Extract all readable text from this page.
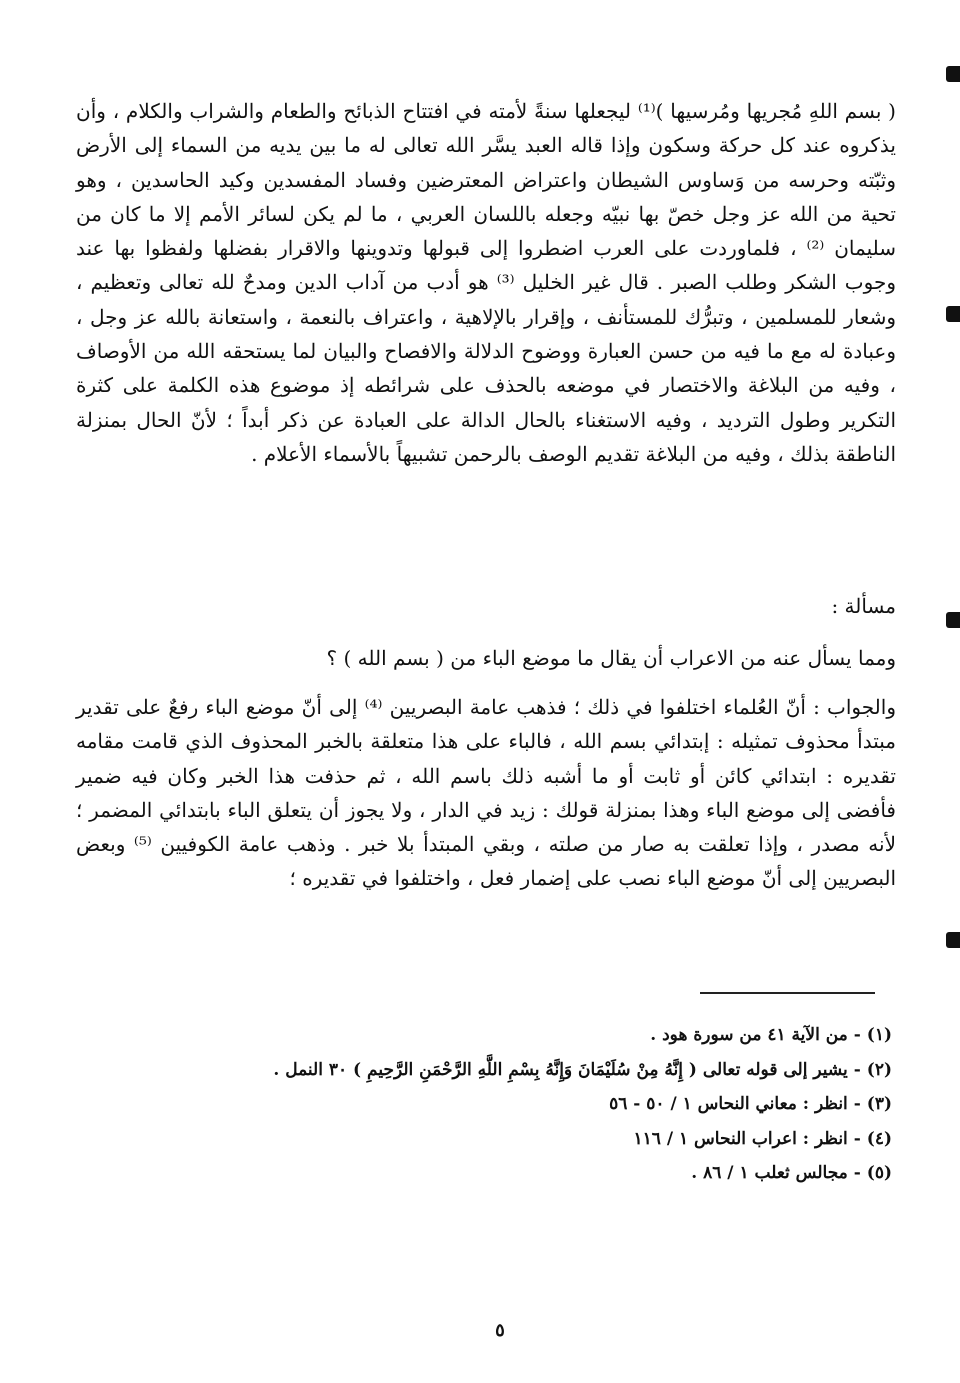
( بسم اللهِ مُجريها ومُرسيها )⁽¹⁾ ليجعلها سنةً لأمته في افتتاح الذبائح والطعام والشراب والكلام ، وأن يذكروه عند كل حركة وسكون وإذا قاله العبد يسَّر الله تعالى له ما بين يديه من السماء إلى الأرض وثبّته وحرسه من وَساوس الشيطان واعتراض المعترضين وفساد المفسدين وكيد الحاسدين ، وهو تحية من الله عز وجل خصّ بها نبيّه وجعله باللسان العربي ، ما لم يكن لسائر الأمم إلا ما كان من سليمان ⁽²⁾ ، فلماوردت على العرب اضطروا إلى قبولها وتدوينها والاقرار بفضلها ولفظوا بها عند وجوب الشكر وطلب الصبر . قال غير الخليل ⁽³⁾ هو أدب من آداب الدين ومدحٌ لله تعالى وتعظيم ، وشعار للمسلمين ، وتبرُّك للمستأنف ، وإقرار بالإلاهية ، واعتراف بالنعمة ، واستعانة بالله عز وجل ، وعبادة له مع ما فيه من حسن العبارة ووضوح الدلالة والافصاح والبيان لما يستحقه الله من الأوصاف ، وفيه من البلاغة والاختصار في موضعه بالحذف على شرائطه إذ موضوع هذه الكلمة على كثرة التكرير وطول الترديد ، وفيه الاستغناء بالحال الدالة على العبادة عن ذكر أبداً ؛ لأنّ الحال بمنزلة الناطقة بذلك ، وفيه من البلاغة تقديم الوصف بالرحمن تشبيهاً بالأسماء الأعلام .

مسألة :

ومما يسأل عنه من الاعراب أن يقال ما موضع الباء من ( بسم الله ) ؟

والجواب : أنّ العُلماء اختلفوا في ذلك ؛ فذهب عامة البصريين ⁽⁴⁾ إلى أنّ موضع الباء رفعٌ على تقدير مبتدأ محذوف تمثيله : إبتدائي بسم الله ، فالباء على هذا متعلقة بالخبر المحذوف الذي قامت مقامه تقديره : ابتدائي كائن أو ثابت أو ما أشبه ذلك باسم الله ، ثم حذفت هذا الخبر وكان فيه ضمير فأفضى إلى موضع الباء وهذا بمنزلة قولك : زيد في الدار ، ولا يجوز أن يتعلق الباء بابتدائي المضمر ؛ لأنه مصدر ، وإذا تعلقت به صار من صلته ، وبقي المبتدأ بلا خبر . وذهب عامة الكوفيين ⁽⁵⁾ وبعض البصريين إلى أنّ موضع الباء نصب على إضمار فعل ، واختلفوا في تقديره ؛

(١) -من الآية ٤١ من سورة هود .

(٢) -يشير إلى قوله تعالى ( إِنَّهُ مِنْ سُلَيْمَانَ وَإِنَّهُ بِسْمِ اللَّهِ الرَّحْمَنِ الرَّحِيمِ ) ٣٠ النمل .

(٣) -انظر : معاني النحاس ١ / ٥٠ - ٥٦

(٤) -انظر : اعراب النحاس ١ / ١١٦

(٥) -مجالس ثعلب ١ / ٨٦ .

٥
